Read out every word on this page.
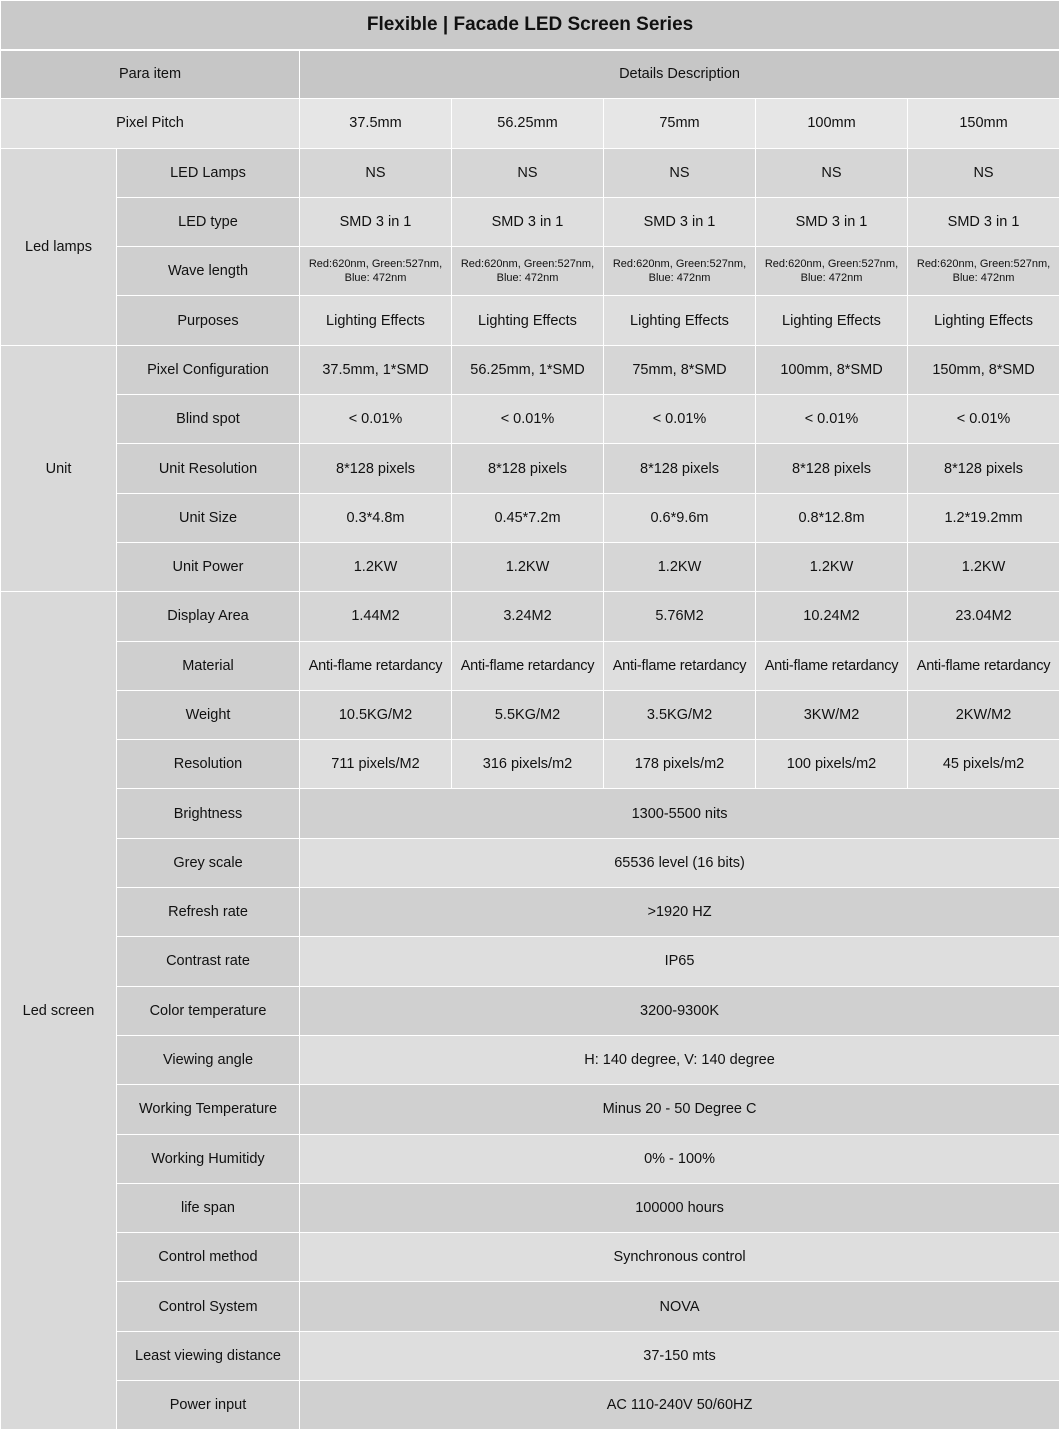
Flexible | Facade LED Screen Series						
Para item		Details Description				
Pixel Pitch		37.5mm	56.25mm	75mm	100mm	150mm
Led lamps	LED Lamps	NS	NS	NS	NS	NS
	LED type	SMD 3 in 1	SMD 3 in 1	SMD 3 in 1	SMD 3 in 1	SMD 3 in 1
	Wave length	Red:620nm, Green:527nm, Blue: 472nm	Red:620nm, Green:527nm, Blue: 472nm	Red:620nm, Green:527nm, Blue: 472nm	Red:620nm, Green:527nm, Blue: 472nm	Red:620nm, Green:527nm, Blue: 472nm
	Purposes	Lighting Effects	Lighting Effects	Lighting Effects	Lighting Effects	Lighting Effects
Unit	Pixel Configuration	37.5mm, 1*SMD	56.25mm, 1*SMD	75mm, 8*SMD	100mm, 8*SMD	150mm, 8*SMD
	Blind spot	< 0.01%	< 0.01%	< 0.01%	< 0.01%	< 0.01%
	Unit Resolution	8*128 pixels	8*128 pixels	8*128 pixels	8*128 pixels	8*128 pixels
	Unit Size	0.3*4.8m	0.45*7.2m	0.6*9.6m	0.8*12.8m	1.2*19.2mm
	Unit Power	1.2KW	1.2KW	1.2KW	1.2KW	1.2KW
Led screen	Display Area	1.44M2	3.24M2	5.76M2	10.24M2	23.04M2
	Material	Anti-flame retardancy	Anti-flame retardancy	Anti-flame retardancy	Anti-flame retardancy	Anti-flame retardancy
	Weight	10.5KG/M2	5.5KG/M2	3.5KG/M2	3KW/M2	2KW/M2
	Resolution	711 pixels/M2	316 pixels/m2	178 pixels/m2	100 pixels/m2	45 pixels/m2
	Brightness	1300-5500 nits				
	Grey scale	65536 level (16 bits)				
	Refresh rate	>1920 HZ				
	Contrast rate	IP65				
	Color temperature	3200-9300K				
	Viewing angle	H: 140 degree, V: 140 degree				
	Working Temperature	Minus 20 - 50 Degree C				
	Working Humitidy	0% - 100%				
	life span	100000 hours				
	Control method	Synchronous control				
	Control System	NOVA				
	Least viewing distance	37-150 mts				
	Power input	AC 110-240V 50/60HZ				
